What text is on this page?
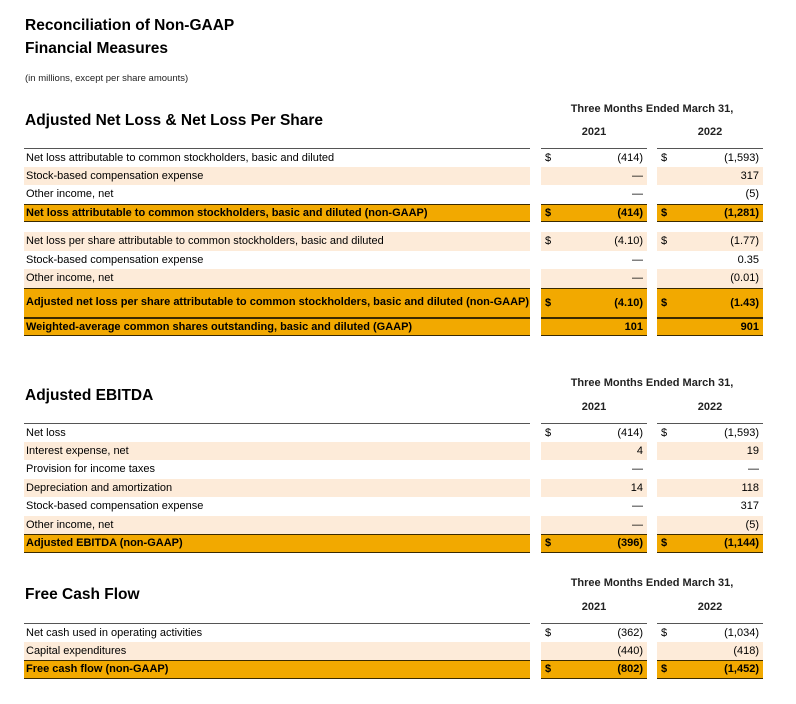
Reconciliation of Non-GAAP
Financial Measures
(in millions, except per share amounts)
Adjusted Net Loss & Net Loss Per Share
Three Months Ended March 31,
2021	2022
Net loss attributable to common stockholders, basic and diluted	$	(414) $	(1,593)
Stock-based compensation expense	—	317
Other income, net	—	(5)
Net loss attributable to common stockholders, basic and diluted (non-GAAP)	$	(414) $	(1,281)
Net loss per share attributable to common stockholders, basic and diluted	$	(4.10) $	(1.77)
Stock-based compensation expense	—	0.35
Other income, net	—	(0.01)
Adjusted net loss per share attributable to common stockholders, basic and diluted (non-GAAP) $	(4.10) $	(1.43)
Weighted-average common shares outstanding, basic and diluted (GAAP)	101	901
Adjusted EBITDA
Three Months Ended March 31,
2021	2022
Net loss	$	(414) $	(1,593)
Interest expense, net	4	19
Provision for income taxes	—	—
Depreciation and amortization	14	118
Stock-based compensation expense	—	317
Other income, net	—	(5)
Adjusted EBITDA (non-GAAP)	$	(396) $	(1,144)
Free Cash Flow
Three Months Ended March 31,
2021	2022
Net cash used in operating activities	$	(362) $	(1,034)
Capital expenditures	(440)	(418)
Free cash flow (non-GAAP)	$	(802) $	(1,452)
